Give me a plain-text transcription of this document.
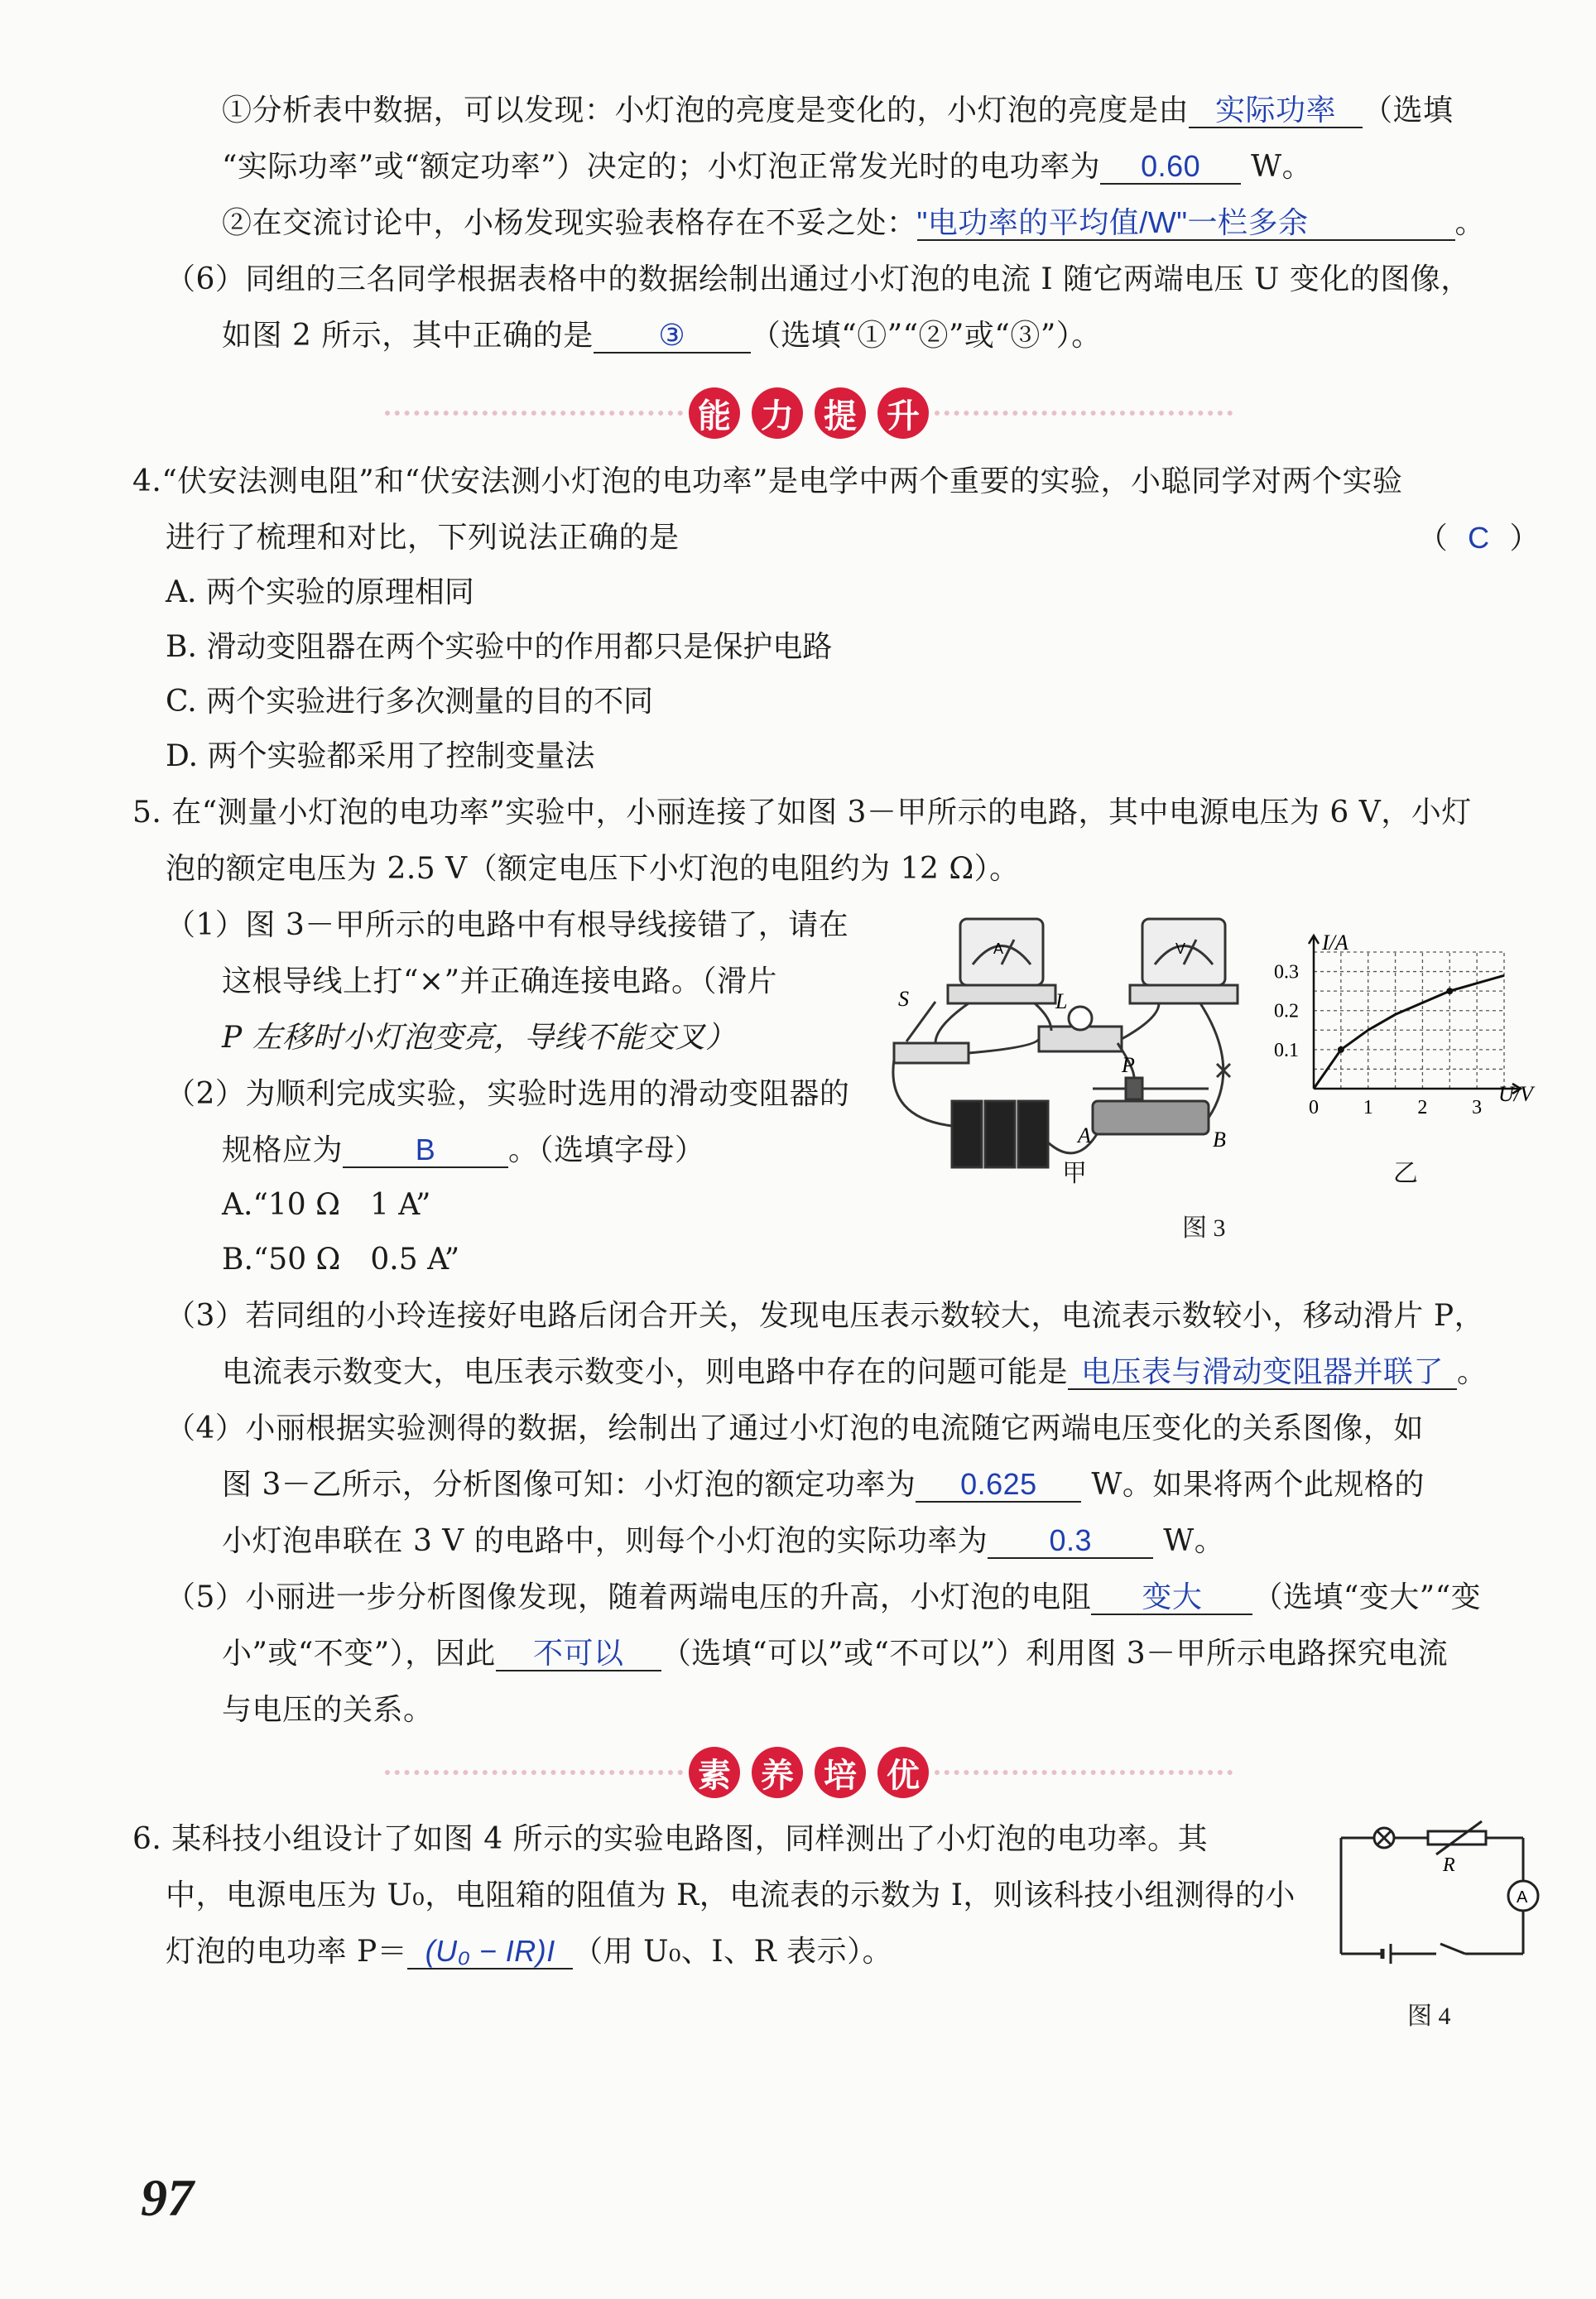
①分析表中数据，可以发现：小灯泡的亮度是变化的，小灯泡的亮度是由 实际功率 （选填
“实际功率”或“额定功率”）决定的；小灯泡正常发光时的电功率为 0.60 W。
②在交流讨论中，小杨发现实验表格存在不妥之处："电功率的平均值/W"一栏多余	。
（6）同组的三名同学根据表格中的数据绘制出通过小灯泡的电流 I 随它两端电压 U 变化的图像，
如图 2 所示，其中正确的是 ③ （选填“①”“②”或“③”）。
能 力 提 升
4.“伏安法测电阻”和“伏安法测小灯泡的电功率”是电学中两个重要的实验，小聪同学对两个实验
进行了梳理和对比，下列说法正确的是	（ C ）
A. 两个实验的原理相同
B. 滑动变阻器在两个实验中的作用都只是保护电路
C. 两个实验进行多次测量的目的不同
D. 两个实验都采用了控制变量法
5. 在“测量小灯泡的电功率”实验中，小丽连接了如图 3－甲所示的电路，其中电源电压为 6 V，小灯
泡的额定电压为 2.5 V（额定电压下小灯泡的电阻约为 12 Ω）。
（1）图 3－甲所示的电路中有根导线接错了，请在
这根导线上打“×”并正确连接电路。（滑片
P 左移时小灯泡变亮，导线不能交叉）
（2）为顺利完成实验，实验时选用的滑动变阻器的
规格应为 B 。（选填字母）
A.“10 Ω　1 A”
B.“50 Ω　0.5 A”
S	L
P
A	B
A	V
甲
0 1 2 3
0.1
0.2
0.3
I/A
U/V
乙
图 3
（3）若同组的小玲连接好电路后闭合开关，发现电压表示数较大，电流表示数较小，移动滑片 P，
电流表示数变大，电压表示数变小，则电路中存在的问题可能是 电压表与滑动变阻器并联了 。
（4）小丽根据实验测得的数据，绘制出了通过小灯泡的电流随它两端电压变化的关系图像，如
图 3－乙所示，分析图像可知：小灯泡的额定功率为 0.625 W。如果将两个此规格的
小灯泡串联在 3 V 的电路中，则每个小灯泡的实际功率为 0.3 W。
（5）小丽进一步分析图像发现，随着两端电压的升高，小灯泡的电阻 变大 （选填“变大”“变
小”或“不变”），因此 不可以 （选填“可以”或“不可以”）利用图 3－甲所示电路探究电流
与电压的关系。
素 养 培 优
6. 某科技小组设计了如图 4 所示的实验电路图，同样测出了小灯泡的电功率。其
中，电源电压为 U₀，电阻箱的阻值为 R，电流表的示数为 I，则该科技小组测得的小
灯泡的电功率 P＝ (U₀ − IR)I （用 U₀、I、R 表示）。
R
A
图 4
97
